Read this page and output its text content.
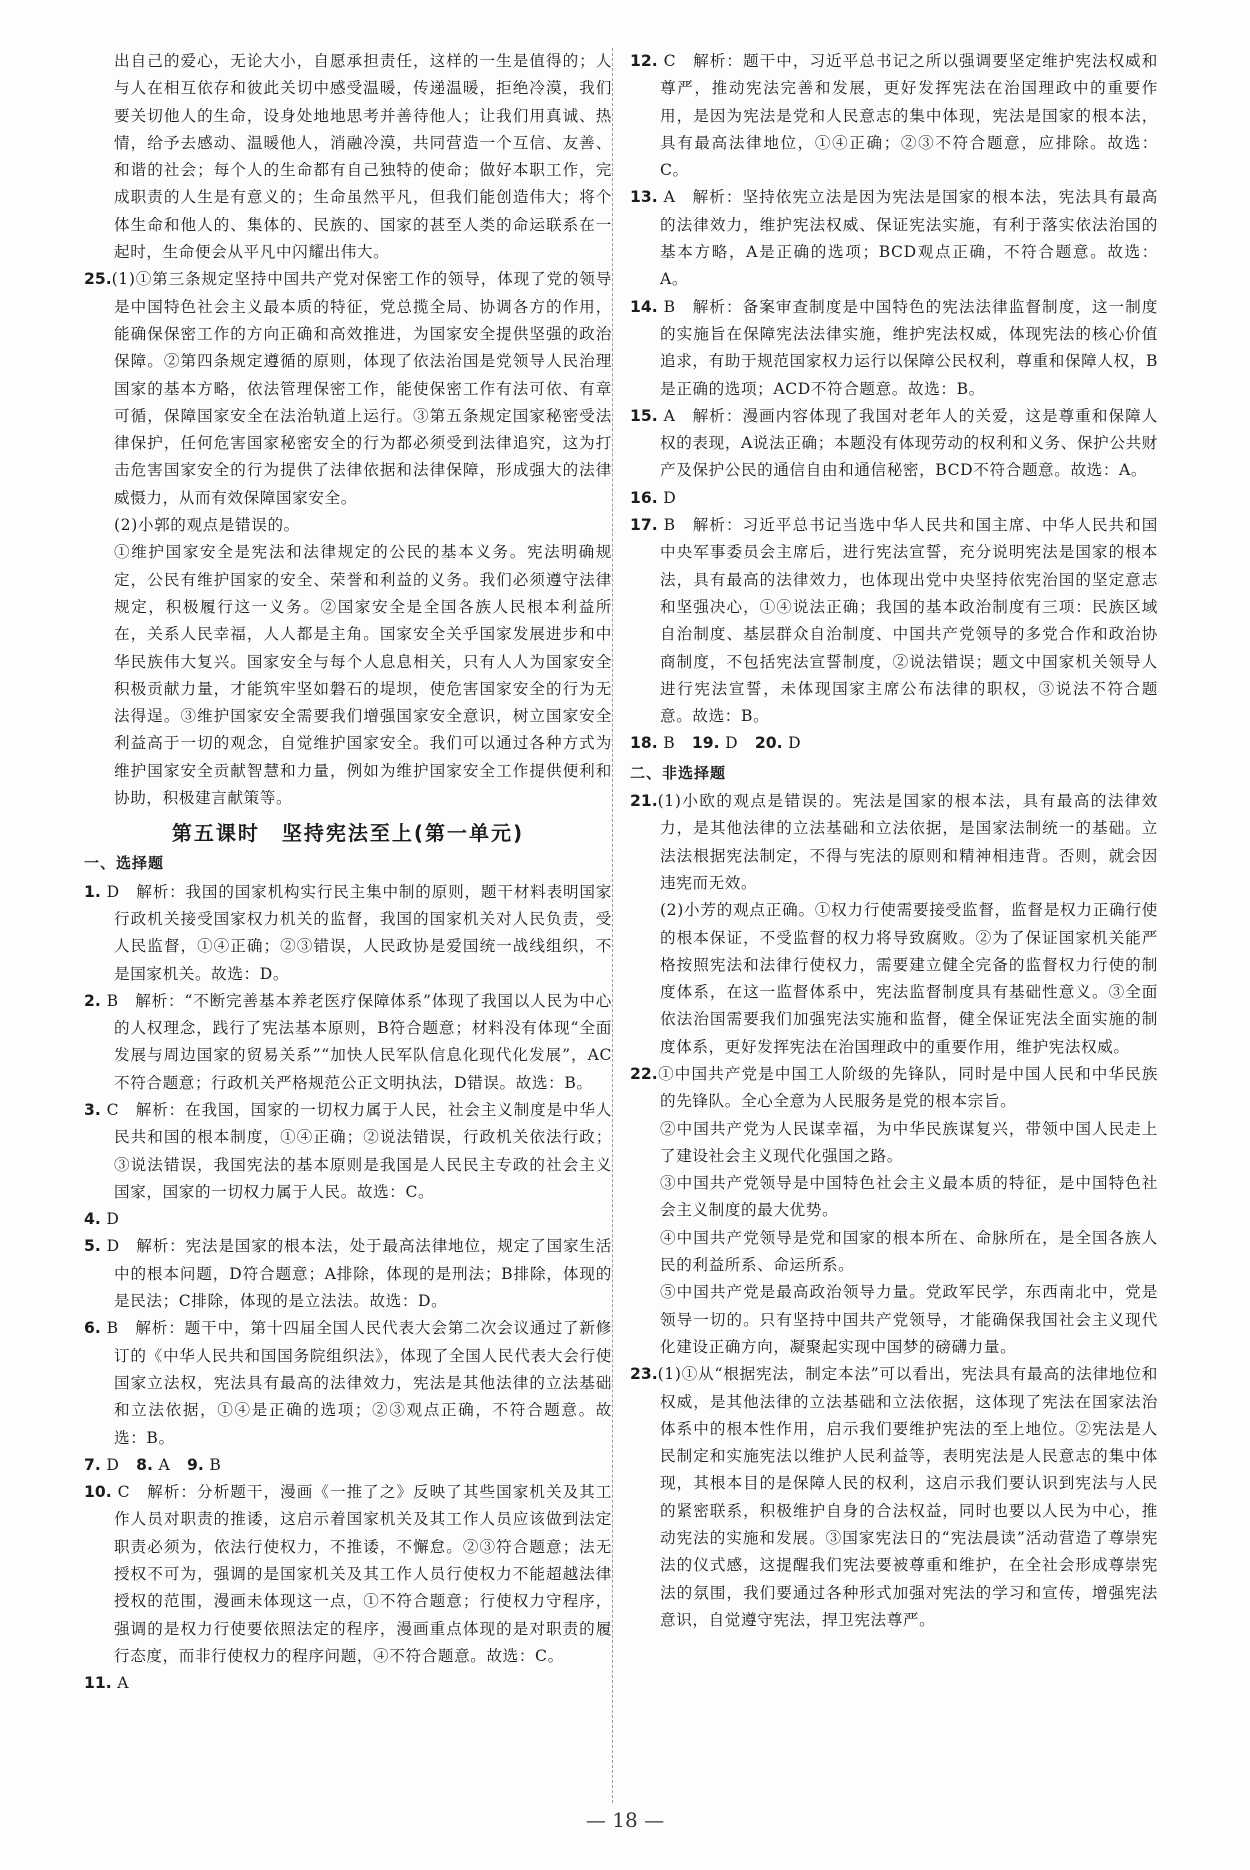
出自己的爱心，无论大小，自愿承担责任，这样的一生是值得的；人与人在相互依存和彼此关切中感受温暖，传递温暖，拒绝冷漠，我们要关切他人的生命，设身处地地思考并善待他人；让我们用真诚、热情，给予去感动、温暖他人，消融冷漠，共同营造一个互信、友善、和谐的社会；每个人的生命都有自己独特的使命；做好本职工作，完成职责的人生是有意义的；生命虽然平凡，但我们能创造伟大；将个体生命和他人的、集体的、民族的、国家的甚至人类的命运联系在一起时，生命便会从平凡中闪耀出伟大。

25.(1)①第三条规定坚持中国共产党对保密工作的领导，体现了党的领导是中国特色社会主义最本质的特征，党总揽全局、协调各方的作用，能确保保密工作的方向正确和高效推进，为国家安全提供坚强的政治保障。②第四条规定遵循的原则，体现了依法治国是党领导人民治理国家的基本方略，依法管理保密工作，能使保密工作有法可依、有章可循，保障国家安全在法治轨道上运行。③第五条规定国家秘密受法律保护，任何危害国家秘密安全的行为都必须受到法律追究，这为打击危害国家安全的行为提供了法律依据和法律保障，形成强大的法律威慑力，从而有效保障国家安全。

(2)小郭的观点是错误的。

①维护国家安全是宪法和法律规定的公民的基本义务。宪法明确规定，公民有维护国家的安全、荣誉和利益的义务。我们必须遵守法律规定，积极履行这一义务。②国家安全是全国各族人民根本利益所在，关系人民幸福，人人都是主角。国家安全关乎国家发展进步和中华民族伟大复兴。国家安全与每个人息息相关，只有人人为国家安全积极贡献力量，才能筑牢坚如磐石的堤坝，使危害国家安全的行为无法得逞。③维护国家安全需要我们增强国家安全意识，树立国家安全利益高于一切的观念，自觉维护国家安全。我们可以通过各种方式为维护国家安全贡献智慧和力量，例如为维护国家安全工作提供便利和协助，积极建言献策等。

第五课时　坚持宪法至上(第一单元)
一、选择题
1. D　解析：我国的国家机构实行民主集中制的原则，题干材料表明国家行政机关接受国家权力机关的监督，我国的国家机关对人民负责，受人民监督，①④正确；②③错误，人民政协是爱国统一战线组织，不是国家机关。故选：D。
2. B　解析：“不断完善基本养老医疗保障体系”体现了我国以人民为中心的人权理念，践行了宪法基本原则，B符合题意；材料没有体现“全面发展与周边国家的贸易关系”“加快人民军队信息化现代化发展”，AC不符合题意；行政机关严格规范公正文明执法，D错误。故选：B。
3. C　解析：在我国，国家的一切权力属于人民，社会主义制度是中华人民共和国的根本制度，①④正确；②说法错误，行政机关依法行政；③说法错误，我国宪法的基本原则是我国是人民民主专政的社会主义国家，国家的一切权力属于人民。故选：C。
4. D
5. D　解析：宪法是国家的根本法，处于最高法律地位，规定了国家生活中的根本问题，D符合题意；A排除，体现的是刑法；B排除，体现的是民法；C排除，体现的是立法法。故选：D。
6. B　解析：题干中，第十四届全国人民代表大会第二次会议通过了新修订的《中华人民共和国国务院组织法》，体现了全国人民代表大会行使国家立法权，宪法具有最高的法律效力，宪法是其他法律的立法基础和立法依据，①④是正确的选项；②③观点正确，不符合题意。故选：B。
7. D 8. A 9. B
10. C　解析：分析题干，漫画《一推了之》反映了其些国家机关及其工作人员对职责的推诿，这启示着国家机关及其工作人员应该做到法定职责必须为，依法行使权力，不推诿，不懈怠。②③符合题意；法无授权不可为，强调的是国家机关及其工作人员行使权力不能超越法律授权的范围，漫画未体现这一点，①不符合题意；行使权力守程序，强调的是权力行使要依照法定的程序，漫画重点体现的是对职责的履行态度，而非行使权力的程序问题，④不符合题意。故选：C。
11. A
12. C　解析：题干中，习近平总书记之所以强调要坚定维护宪法权威和尊严，推动宪法完善和发展，更好发挥宪法在治国理政中的重要作用，是因为宪法是党和人民意志的集中体现，宪法是国家的根本法，具有最高法律地位，①④正确；②③不符合题意，应排除。故选：C。
13. A　解析：坚持依宪立法是因为宪法是国家的根本法，宪法具有最高的法律效力，维护宪法权威、保证宪法实施，有利于落实依法治国的基本方略，A是正确的选项；BCD观点正确，不符合题意。故选：A。
14. B　解析：备案审查制度是中国特色的宪法法律监督制度，这一制度的实施旨在保障宪法法律实施，维护宪法权威，体现宪法的核心价值追求，有助于规范国家权力运行以保障公民权利，尊重和保障人权，B是正确的选项；ACD不符合题意。故选：B。
15. A　解析：漫画内容体现了我国对老年人的关爱，这是尊重和保障人权的表现，A说法正确；本题没有体现劳动的权利和义务、保护公共财产及保护公民的通信自由和通信秘密，BCD不符合题意。故选：A。
16. D
17. B　解析：习近平总书记当选中华人民共和国主席、中华人民共和国中央军事委员会主席后，进行宪法宣誓，充分说明宪法是国家的根本法，具有最高的法律效力，也体现出党中央坚持依宪治国的坚定意志和坚强决心，①④说法正确；我国的基本政治制度有三项：民族区域自治制度、基层群众自治制度、中国共产党领导的多党合作和政治协商制度，不包括宪法宣誓制度，②说法错误；题文中国家机关领导人进行宪法宣誓，未体现国家主席公布法律的职权，③说法不符合题意。故选：B。
18. B 19. D 20. D
二、非选择题
21.(1)小欧的观点是错误的。宪法是国家的根本法，具有最高的法律效力，是其他法律的立法基础和立法依据，是国家法制统一的基础。立法法根据宪法制定，不得与宪法的原则和精神相违背。否则，就会因违宪而无效。

(2)小芳的观点正确。①权力行使需要接受监督，监督是权力正确行使的根本保证，不受监督的权力将导致腐败。②为了保证国家机关能严格按照宪法和法律行使权力，需要建立健全完备的监督权力行使的制度体系，在这一监督体系中，宪法监督制度具有基础性意义。③全面依法治国需要我们加强宪法实施和监督，健全保证宪法全面实施的制度体系，更好发挥宪法在治国理政中的重要作用，维护宪法权威。

22.①中国共产党是中国工人阶级的先锋队，同时是中国人民和中华民族的先锋队。全心全意为人民服务是党的根本宗旨。

②中国共产党为人民谋幸福，为中华民族谋复兴，带领中国人民走上了建设社会主义现代化强国之路。

③中国共产党领导是中国特色社会主义最本质的特征，是中国特色社会主义制度的最大优势。

④中国共产党领导是党和国家的根本所在、命脉所在，是全国各族人民的利益所系、命运所系。

⑤中国共产党是最高政治领导力量。党政军民学，东西南北中，党是领导一切的。只有坚持中国共产党领导，才能确保我国社会主义现代化建设正确方向，凝聚起实现中国梦的磅礴力量。

23.(1)①从“根据宪法，制定本法”可以看出，宪法具有最高的法律地位和权威，是其他法律的立法基础和立法依据，这体现了宪法在国家法治体系中的根本性作用，启示我们要维护宪法的至上地位。②宪法是人民制定和实施宪法以维护人民利益等，表明宪法是人民意志的集中体现，其根本目的是保障人民的权利，这启示我们要认识到宪法与人民的紧密联系，积极维护自身的合法权益，同时也要以人民为中心，推动宪法的实施和发展。③国家宪法日的“宪法晨读”活动营造了尊崇宪法的仪式感，这提醒我们宪法要被尊重和维护，在全社会形成尊崇宪法的氛围，我们要通过各种形式加强对宪法的学习和宣传，增强宪法意识，自觉遵守宪法，捍卫宪法尊严。
— 18 —
